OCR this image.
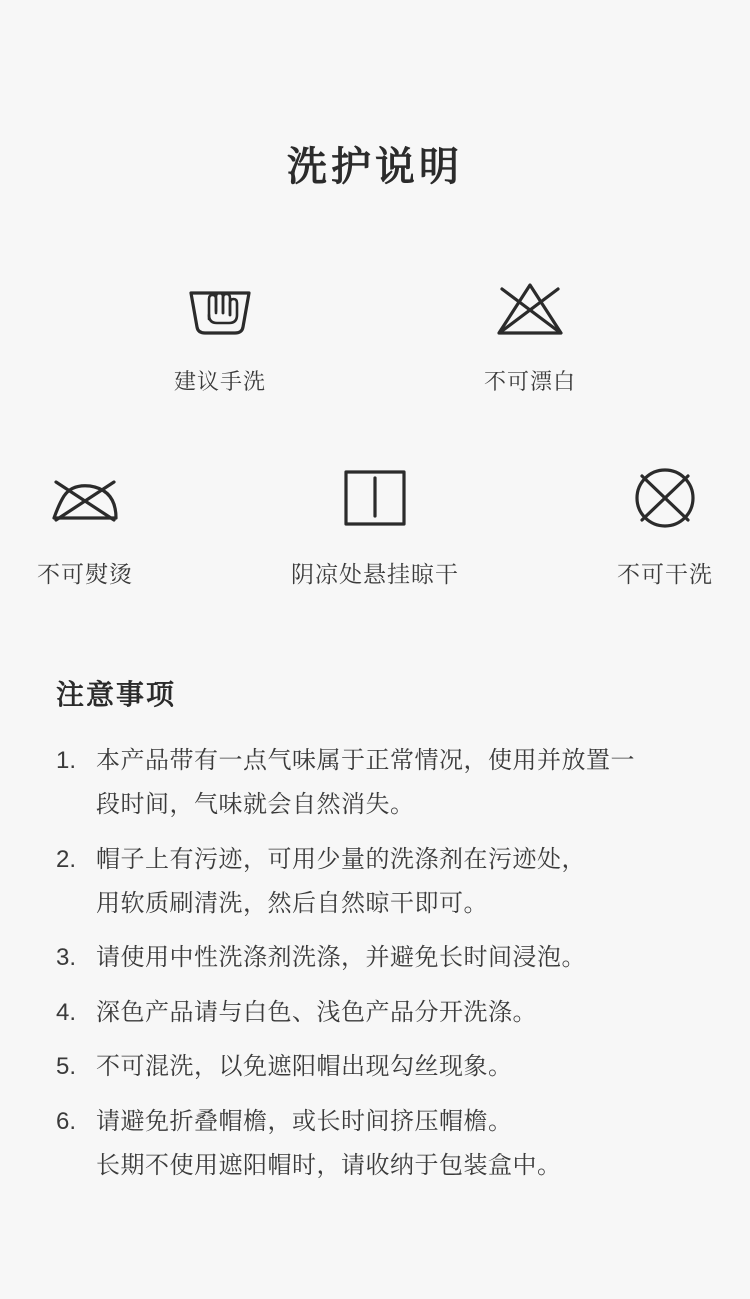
洗护说明
建议手洗	不可漂白
不可熨烫	阴凉处悬挂晾干	不可干洗
注意事项
1. 本产品带有一点气味属于正常情况，使用并放置一
段时间，气味就会自然消失。
2. 帽子上有污迹，可用少量的洗涤剂在污迹处，
用软质刷清洗，然后自然晾干即可。
3. 请使用中性洗涤剂洗涤，并避免长时间浸泡。
4. 深色产品请与白色、浅色产品分开洗涤。
5. 不可混洗，以免遮阳帽出现勾丝现象。
6. 请避免折叠帽檐，或长时间挤压帽檐。
长期不使用遮阳帽时，请收纳于包装盒中。
